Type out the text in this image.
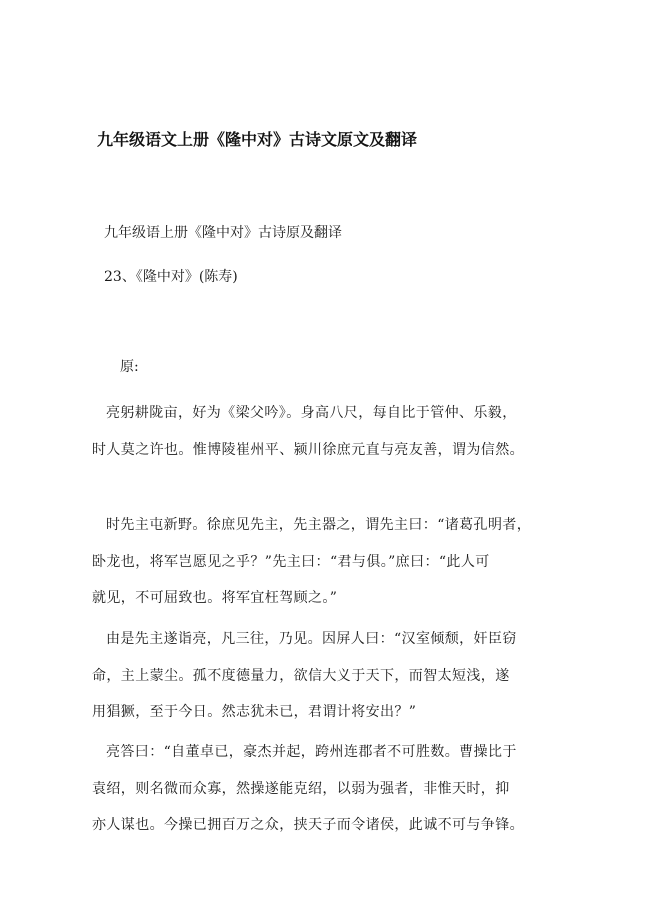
九年级语文上册《隆中对》古诗文原文及翻译
九年级语上册《隆中对》古诗原及翻译
23、《隆中对》(陈寿)
原:
亮躬耕陇亩，好为《梁父吟》。身高八尺，每自比于管仲、乐毅，
时人莫之许也。惟博陵崔州平、颍川徐庶元直与亮友善，谓为信然。
时先主屯新野。徐庶见先主，先主器之，谓先主曰：“诸葛孔明者，
卧龙也，将军岂愿见之乎？”先主曰：“君与俱。”庶曰：“此人可
就见，不可屈致也。将军宜枉驾顾之。”
由是先主遂诣亮，凡三往，乃见。因屏人曰：“汉室倾颓，奸臣窃
命，主上蒙尘。孤不度德量力，欲信大义于天下，而智太短浅，遂
用猖獗，至于今日。然志犹未已，君谓计将安出？”
亮答曰：“自董卓已，豪杰并起，跨州连郡者不可胜数。曹操比于
袁绍，则名微而众寡，然操遂能克绍，以弱为强者，非惟天时，抑
亦人谋也。今操已拥百万之众，挟天子而令诸侯，此诚不可与争锋。
